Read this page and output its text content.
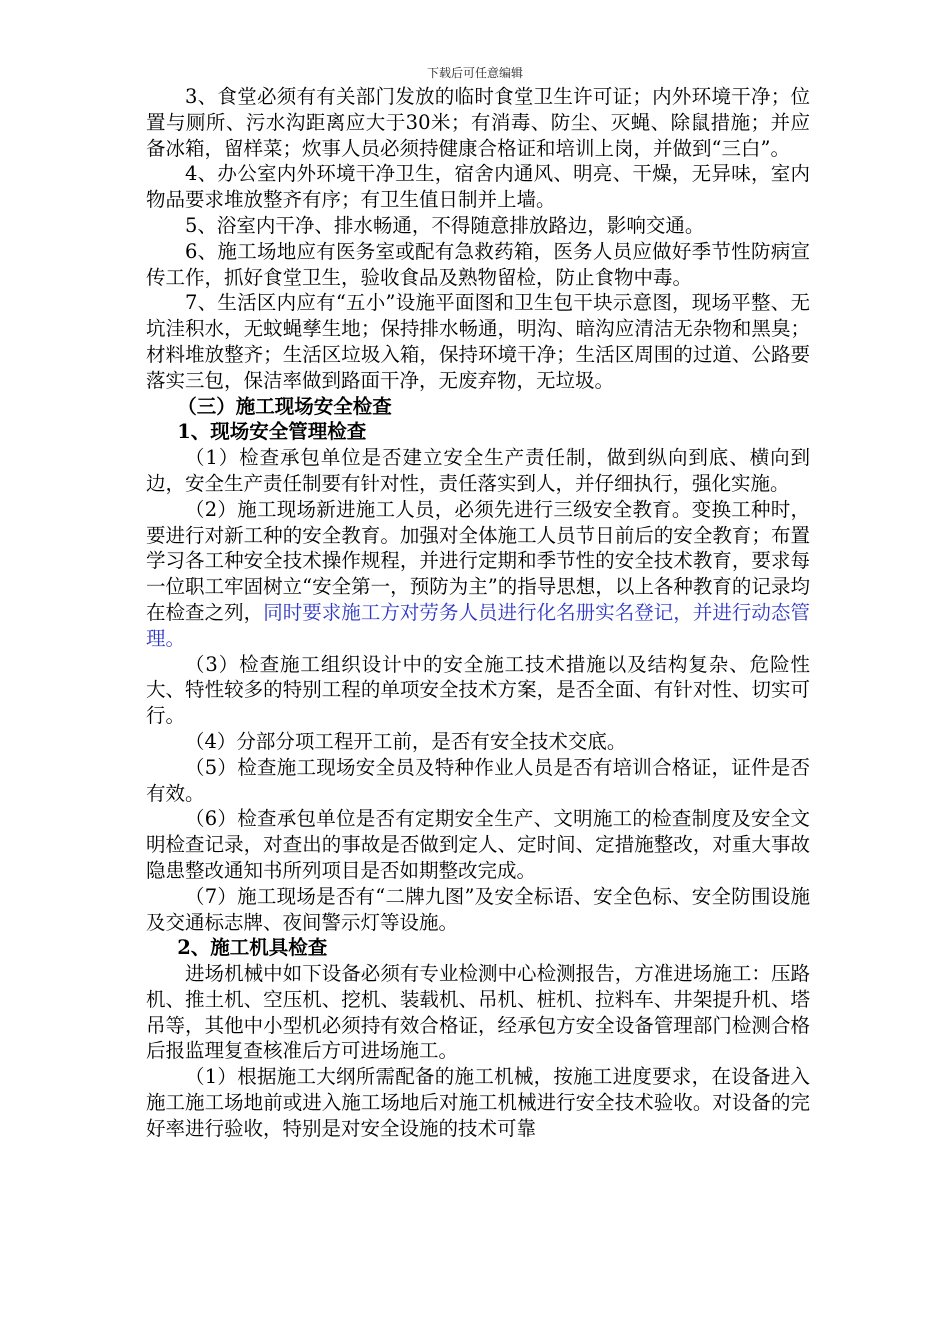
下载后可任意编辑

3、食堂必须有有关部门发放的临时食堂卫生许可证；内外环境干净；位置与厕所、污水沟距离应大于30米；有消毒、防尘、灭蝇、除鼠措施；并应备冰箱，留样菜；炊事人员必须持健康合格证和培训上岗，并做到“三白”。

4、办公室内外环境干净卫生，宿舍内通风、明亮、干燥，无异味，室内物品要求堆放整齐有序；有卫生值日制并上墙。

5、浴室内干净、排水畅通，不得随意排放路边，影响交通。

6、施工场地应有医务室或配有急救药箱，医务人员应做好季节性防病宣传工作，抓好食堂卫生，验收食品及熟物留检，防止食物中毒。

7、生活区内应有“五小”设施平面图和卫生包干块示意图，现场平整、无坑洼积水，无蚊蝇孳生地；保持排水畅通，明沟、暗沟应清洁无杂物和黑臭；材料堆放整齐；生活区垃圾入箱，保持环境干净；生活区周围的过道、公路要落实三包，保洁率做到路面干净，无废弃物，无垃圾。

（三）施工现场安全检查

1、现场安全管理检查

（1）检查承包单位是否建立安全生产责任制，做到纵向到底、横向到边，安全生产责任制要有针对性，责任落实到人，并仔细执行，强化实施。

（2）施工现场新进施工人员，必须先进行三级安全教育。变换工种时，要进行对新工种的安全教育。加强对全体施工人员节日前后的安全教育；布置学习各工种安全技术操作规程，并进行定期和季节性的安全技术教育，要求每一位职工牢固树立“安全第一，预防为主”的指导思想，以上各种教育的记录均在检查之列，同时要求施工方对劳务人员进行化名册实名登记，并进行动态管理。

（3）检查施工组织设计中的安全施工技术措施以及结构复杂、危险性大、特性较多的特别工程的单项安全技术方案，是否全面、有针对性、切实可行。

（4）分部分项工程开工前，是否有安全技术交底。

（5）检查施工现场安全员及特种作业人员是否有培训合格证，证件是否有效。

（6）检查承包单位是否有定期安全生产、文明施工的检查制度及安全文明检查记录，对查出的事故是否做到定人、定时间、定措施整改，对重大事故隐患整改通知书所列项目是否如期整改完成。

（7）施工现场是否有“二牌九图”及安全标语、安全色标、安全防围设施及交通标志牌、夜间警示灯等设施。

2、施工机具检查

进场机械中如下设备必须有专业检测中心检测报告，方准进场施工：压路机、推土机、空压机、挖机、装载机、吊机、桩机、拉料车、井架提升机、塔吊等，其他中小型机必须持有效合格证，经承包方安全设备管理部门检测合格后报监理复查核准后方可进场施工。

（1）根据施工大纲所需配备的施工机械，按施工进度要求，在设备进入施工施工场地前或进入施工场地后对施工机械进行安全技术验收。对设备的完好率进行验收，特别是对安全设施的技术可靠
